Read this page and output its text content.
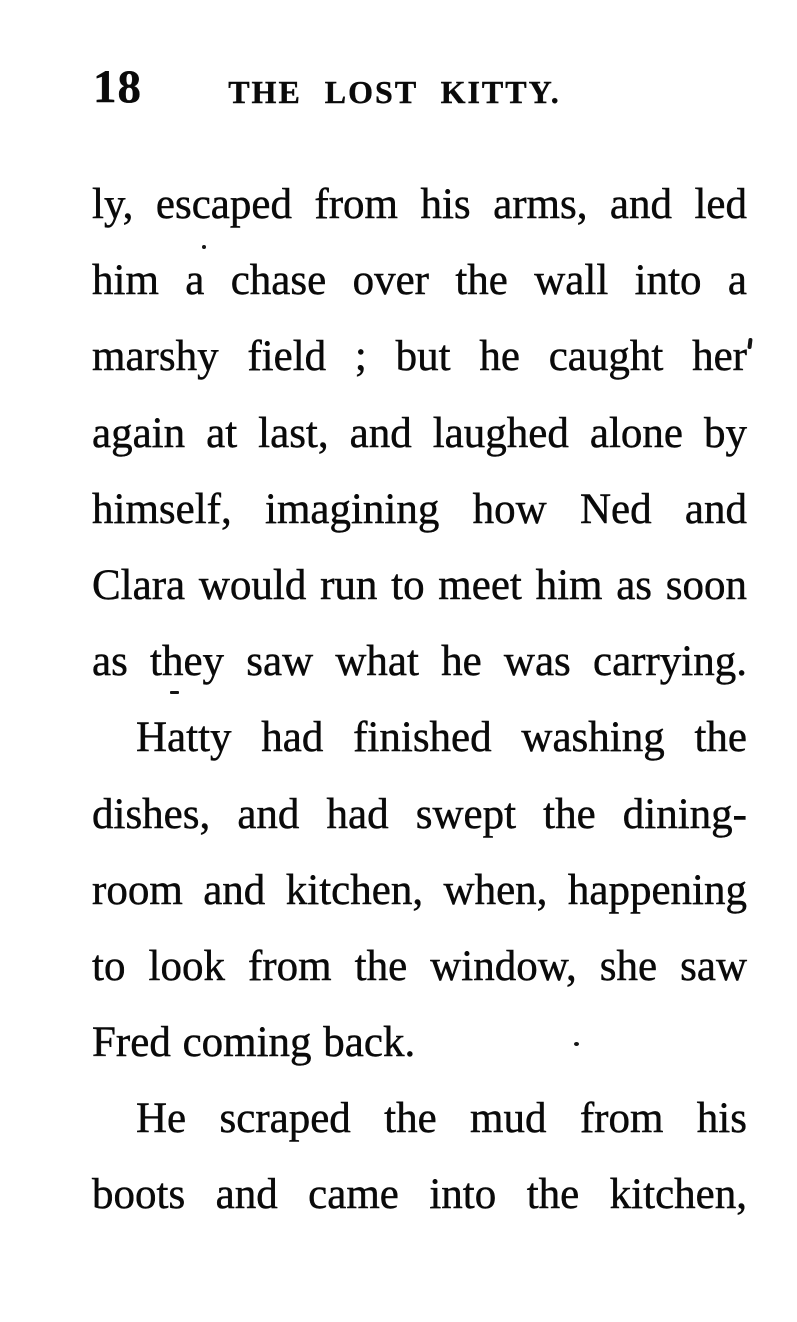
18	THE LOST KITTY.

ly, escaped from his arms, and led

him a chase over the wall into a

marshy field ; but he caught her

again at last, and laughed alone by

himself, imagining how Ned and

Clara would run to meet him as soon

as they saw what he was carrying.

Hatty had finished washing the

dishes, and had swept the dining-

room and kitchen, when, happening

to look from the window, she saw

Fred coming back.

He scraped the mud from his

boots and came into the kitchen,
